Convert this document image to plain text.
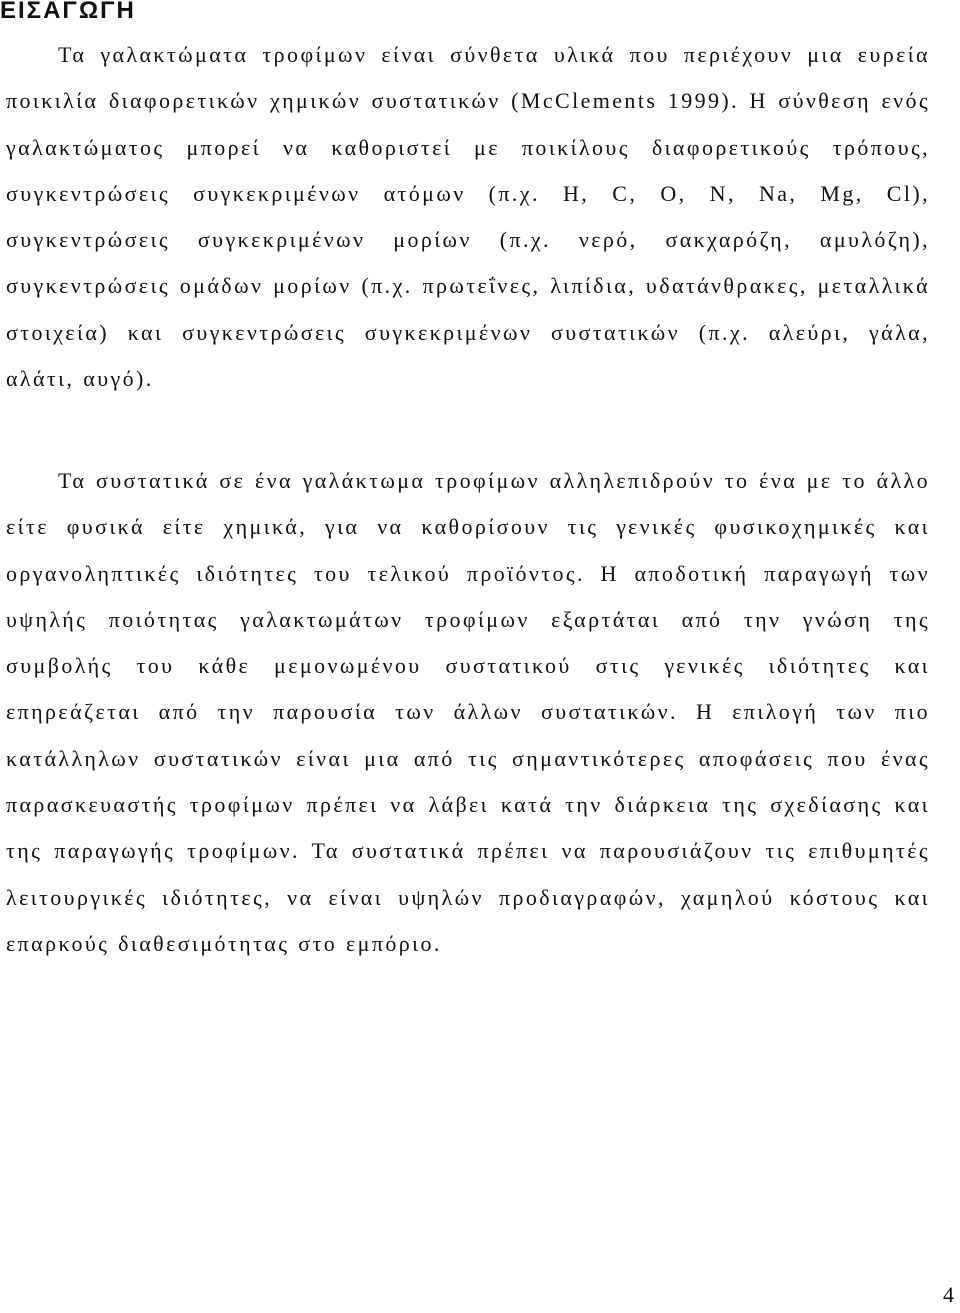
ΕΙΣΑΓΩΓΗ

Τα γαλακτώματα τροφίμων είναι σύνθετα υλικά που περιέχουν μια ευρεία ποικιλία διαφορετικών χημικών συστατικών (McClements 1999). Η σύνθεση ενός γαλακτώματος μπορεί να καθοριστεί με ποικίλους διαφορετικούς τρόπους, συγκεντρώσεις συγκεκριμένων ατόμων (π.χ. H, C, O, N, Na, Mg, Cl), συγκεντρώσεις συγκεκριμένων μορίων (π.χ. νερό, σακχαρόζη, αμυλόζη), συγκεντρώσεις ομάδων μορίων (π.χ. πρωτεΐνες, λιπίδια, υδατάνθρακες, μεταλλικά στοιχεία) και συγκεντρώσεις συγκεκριμένων συστατικών (π.χ. αλεύρι, γάλα, αλάτι, αυγό).

Τα συστατικά σε ένα γαλάκτωμα τροφίμων αλληλεπιδρούν το ένα με το άλλο είτε φυσικά είτε χημικά, για να καθορίσουν τις γενικές φυσικοχημικές και οργανοληπτικές ιδιότητες του τελικού προϊόντος. Η αποδοτική παραγωγή των υψηλής ποιότητας γαλακτωμάτων τροφίμων εξαρτάται από την γνώση της συμβολής του κάθε μεμονωμένου συστατικού στις γενικές ιδιότητες και επηρεάζεται από την παρουσία των άλλων συστατικών. Η επιλογή των πιο κατάλληλων συστατικών είναι μια από τις σημαντικότερες αποφάσεις που ένας παρασκευαστής τροφίμων πρέπει να λάβει κατά την διάρκεια της σχεδίασης και της παραγωγής τροφίμων. Τα συστατικά πρέπει να παρουσιάζουν τις επιθυμητές λειτουργικές ιδιότητες, να είναι υψηλών προδιαγραφών, χαμηλού κόστους και επαρκούς διαθεσιμότητας στο εμπόριο.

4
